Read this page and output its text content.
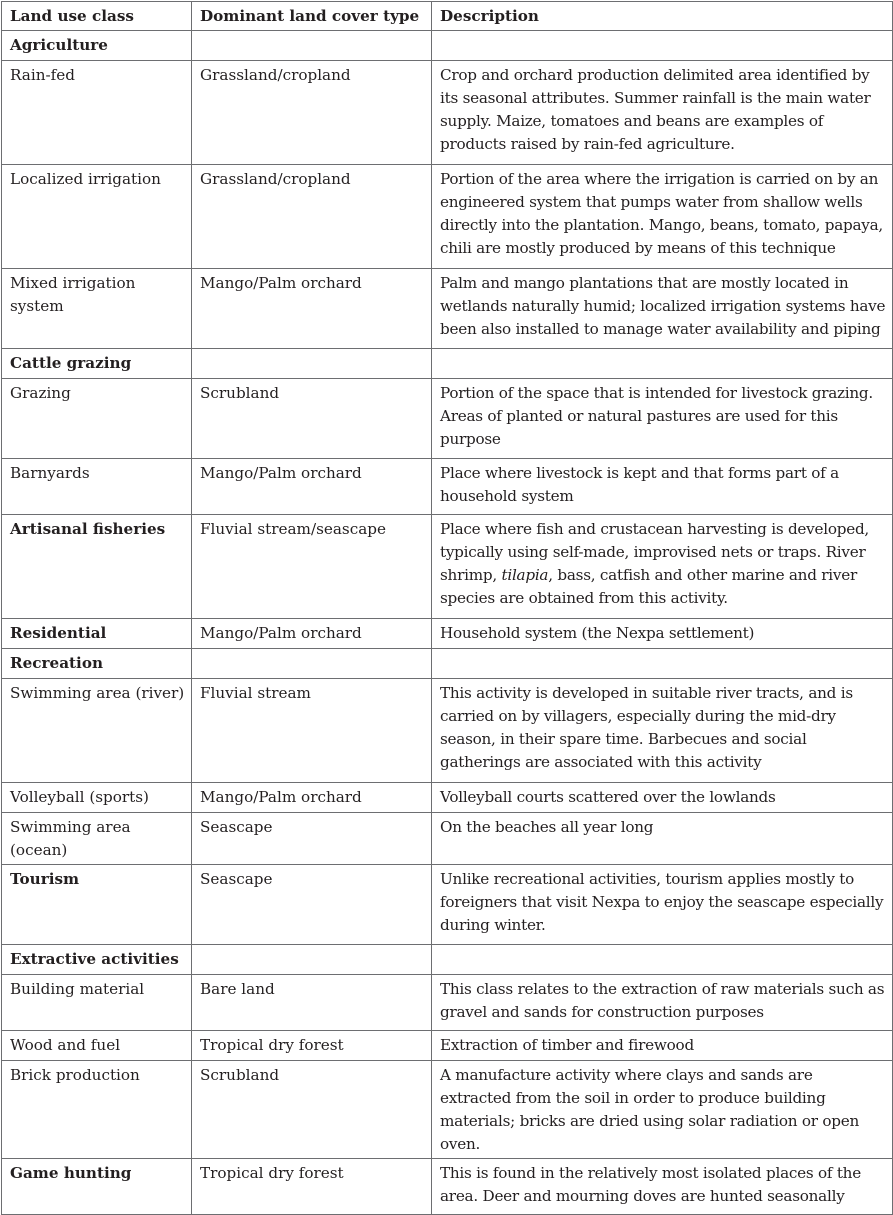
Land use class	Dominant land cover type	Description
Agriculture		
Rain-fed	Grassland/cropland	Crop and orchard production delimited area identified by its seasonal attributes. Summer rainfall is the main water supply. Maize, tomatoes and beans are examples of products raised by rain-fed agriculture.
Localized irrigation	Grassland/cropland	Portion of the area where the irrigation is carried on by an engineered system that pumps water from shallow wells directly into the plantation. Mango, beans, tomato, papaya, chili are mostly produced by means of this technique
Mixed irrigation system	Mango/Palm orchard	Palm and mango plantations that are mostly located in wetlands naturally humid; localized irrigation systems have been also installed to manage water availability and piping
Cattle grazing		
Grazing	Scrubland	Portion of the space that is intended for livestock grazing. Areas of planted or natural pastures are used for this purpose
Barnyards	Mango/Palm orchard	Place where livestock is kept and that forms part of a household system
Artisanal fisheries	Fluvial stream/seascape	Place where fish and crustacean harvesting is developed, typically using self-made, improvised nets or traps. River shrimp, tilapia, bass, catfish and other marine and river species are obtained from this activity.
Residential	Mango/Palm orchard	Household system (the Nexpa settlement)
Recreation		
Swimming area (river)	Fluvial stream	This activity is developed in suitable river tracts, and is carried on by villagers, especially during the mid-dry season, in their spare time. Barbecues and social gatherings are associated with this activity
Volleyball (sports)	Mango/Palm orchard	Volleyball courts scattered over the lowlands
Swimming area (ocean)	Seascape	On the beaches all year long
Tourism	Seascape	Unlike recreational activities, tourism applies mostly to foreigners that visit Nexpa to enjoy the seascape especially during winter.
Extractive activities		
Building material	Bare land	This class relates to the extraction of raw materials such as gravel and sands for construction purposes
Wood and fuel	Tropical dry forest	Extraction of timber and firewood
Brick production	Scrubland	A manufacture activity where clays and sands are extracted from the soil in order to produce building materials; bricks are dried using solar radiation or open oven.
Game hunting	Tropical dry forest	This is found in the relatively most isolated places of the area. Deer and mourning doves are hunted seasonally
